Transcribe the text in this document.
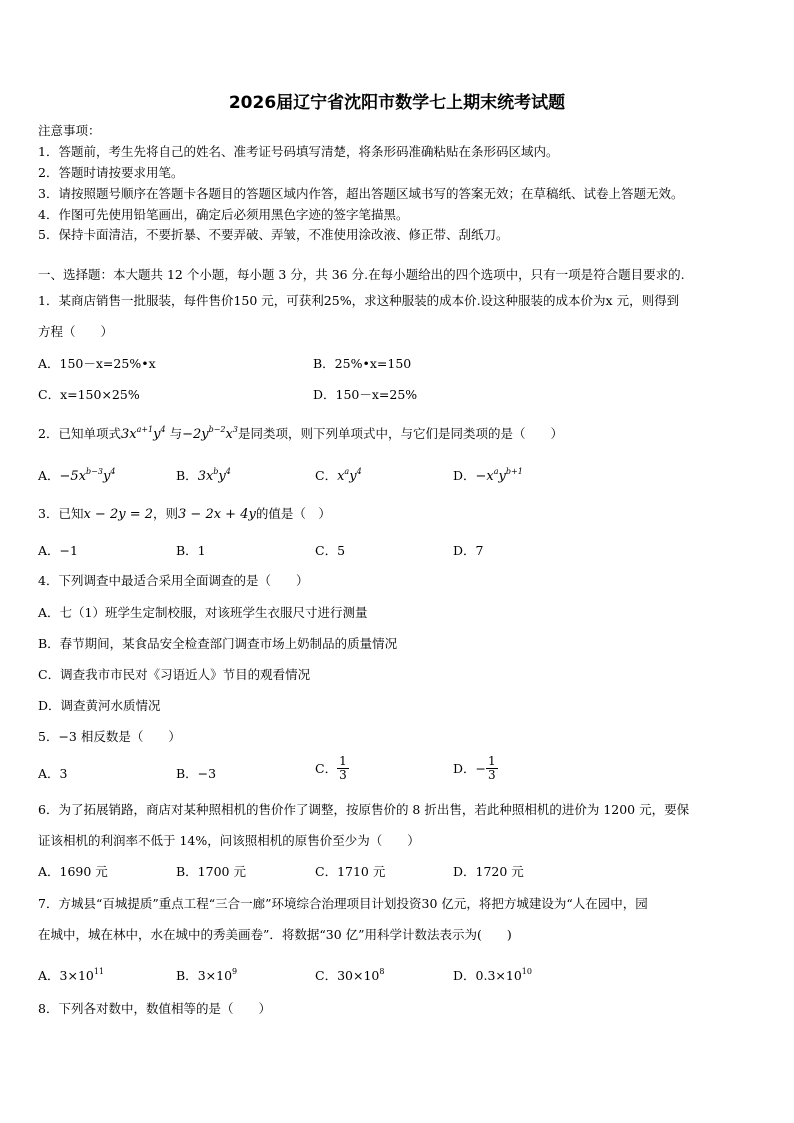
2026届辽宁省沈阳市数学七上期末统考试题
注意事项：
1．答题前，考生先将自己的姓名、准考证号码填写清楚，将条形码准确粘贴在条形码区域内。
2．答题时请按要求用笔。
3．请按照题号顺序在答题卡各题目的答题区域内作答，超出答题区域书写的答案无效；在草稿纸、试卷上答题无效。
4．作图可先使用铅笔画出，确定后必须用黑色字迹的签字笔描黑。
5．保持卡面清洁，不要折暴、不要弄破、弄皱，不准使用涂改液、修正带、刮纸刀。
一、选择题：本大题共 12 个小题，每小题 3 分，共 36 分.在每小题给出的四个选项中，只有一项是符合题目要求的.
1．某商店销售一批服装，每件售价150 元，可获利25%，求这种服装的成本价.设这种服装的成本价为x 元，则得到
方程（　　）
A．150－x=25%•x	B．25%•x=150
C．x=150×25%	D．150－x=25%
2．已知单项式$3x^{a+1}y^4$ 与$-2y^{b-2}x^3$是同类项，则下列单项式中，与它们是同类项的是（　　）
A．$-5x^{b-3}y^4$	B．$3x^by^4$	C．$x^ay^4$	D．$-x^ay^{b+1}$
3．已知x − 2y = 2，则3 − 2x + 4y的值是（　）
A．−1	B．1	C．5	D．7
4．下列调查中最适合采用全面调查的是（　　）
A．七（1）班学生定制校服，对该班学生衣服尺寸进行测量
B．春节期间，某食品安全检查部门调查市场上奶制品的质量情况
C．调查我市市民对《习语近人》节目的观看情况
D．调查黄河水质情况
5．−3 相反数是（　　）
A．3	B．−3	C． $\frac{1}{3}$	D．− $\frac{1}{3}$
6．为了拓展销路，商店对某种照相机的售价作了调整，按原售价的 8 折出售，若此种照相机的进价为 1200 元，要保
证该相机的利润率不低于 14%，问该照相机的原售价至少为（　　）
A．1690 元	B．1700 元	C．1710 元	D．1720 元
7．方城县“百城提质”重点工程“三合一廊”环境综合治理项目计划投资30 亿元，将把方城建设为“人在园中，园
在城中，城在林中，水在城中的秀美画卷”．将数据“30 亿”用科学计数法表示为(　　)
A．$3\times 10^{11}$	B．$3\times 10^9$	C．$30\times 10^8$	D．$0.3\times 10^{10}$
8．下列各对数中，数值相等的是（　　）
